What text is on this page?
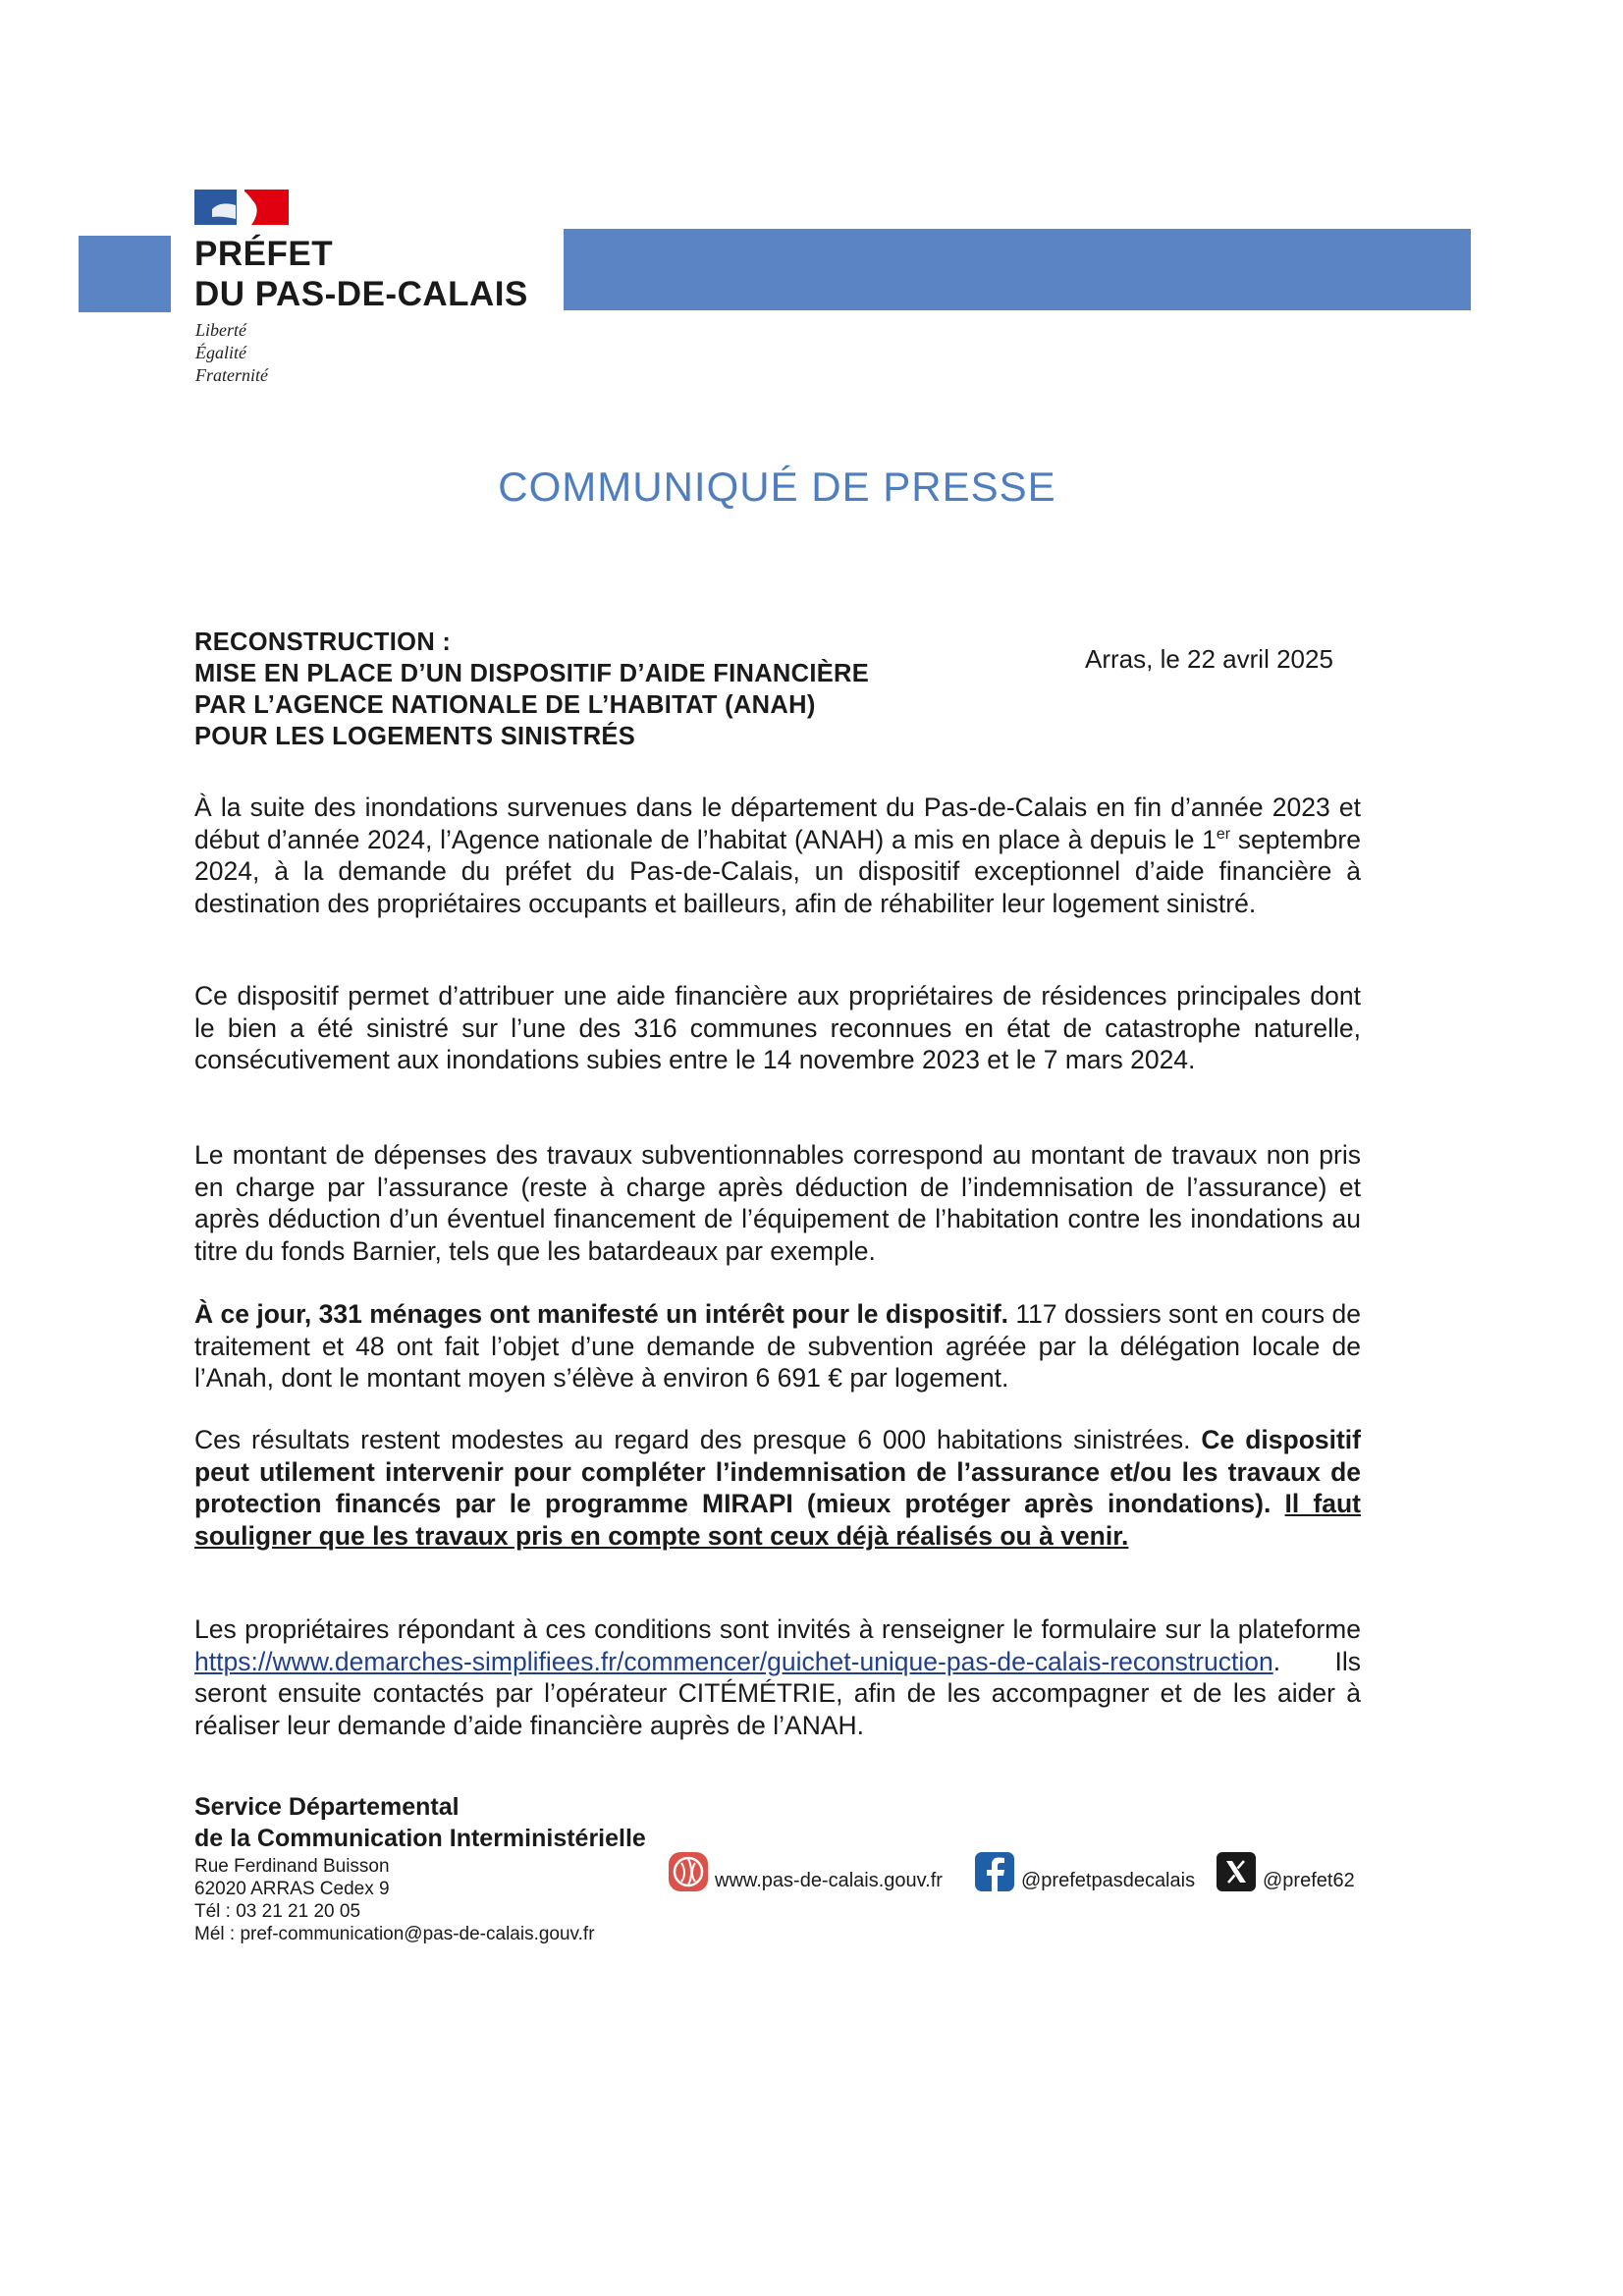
PRÉFET
DU PAS-DE-CALAIS
Liberté
Égalité
Fraternité
COMMUNIQUÉ DE PRESSE
RECONSTRUCTION :
MISE EN PLACE D’UN DISPOSITIF D’AIDE FINANCIÈRE
PAR L’AGENCE NATIONALE DE L’HABITAT (ANAH)
POUR LES LOGEMENTS SINISTRÉS
Arras, le 22 avril 2025
À la suite des inondations survenues dans le département du Pas-de-Calais en fin d’année 2023 et début d’année 2024, l’Agence nationale de l’habitat (ANAH) a mis en place à depuis le 1er septembre 2024, à la demande du préfet du Pas-de-Calais, un dispositif exceptionnel d’aide financière à destination des propriétaires occupants et bailleurs, afin de réhabiliter leur logement sinistré.
Ce dispositif permet d’attribuer une aide financière aux propriétaires de résidences principales dont le bien a été sinistré sur l’une des 316 communes reconnues en état de catastrophe naturelle, consécutivement aux inondations subies entre le 14 novembre 2023 et le 7 mars 2024.
Le montant de dépenses des travaux subventionnables correspond au montant de travaux non pris en charge par l’assurance (reste à charge après déduction de l’indemnisation de l’assurance) et après déduction d’un éventuel financement de l’équipement de l’habitation contre les inondations au titre du fonds Barnier, tels que les batardeaux par exemple.
À ce jour, 331 ménages ont manifesté un intérêt pour le dispositif. 117 dossiers sont en cours de traitement et 48 ont fait l’objet d’une demande de subvention agréée par la délégation locale de l’Anah, dont le montant moyen s’élève à environ 6 691 € par logement.
Ces résultats restent modestes au regard des presque 6 000 habitations sinistrées. Ce dispositif peut utilement intervenir pour compléter l’indemnisation de l’assurance et/ou les travaux de protection financés par le programme MIRAPI (mieux protéger après inondations). Il faut souligner que les travaux pris en compte sont ceux déjà réalisés ou à venir.
Les propriétaires répondant à ces conditions sont invités à renseigner le formulaire sur la plateforme https://www.demarches-simplifiees.fr/commencer/guichet-unique-pas-de-calais-reconstruction. Ils seront ensuite contactés par l’opérateur CITÉMÉTRIE, afin de les accompagner et de les aider à réaliser leur demande d’aide financière auprès de l’ANAH.
Service Départemental
de la Communication Interministérielle
Rue Ferdinand Buisson
62020 ARRAS Cedex 9
Tél : 03 21 21 20 05
Mél : pref-communication@pas-de-calais.gouv.fr
www.pas-de-calais.gouv.fr	@prefetpasdecalais	@prefet62
